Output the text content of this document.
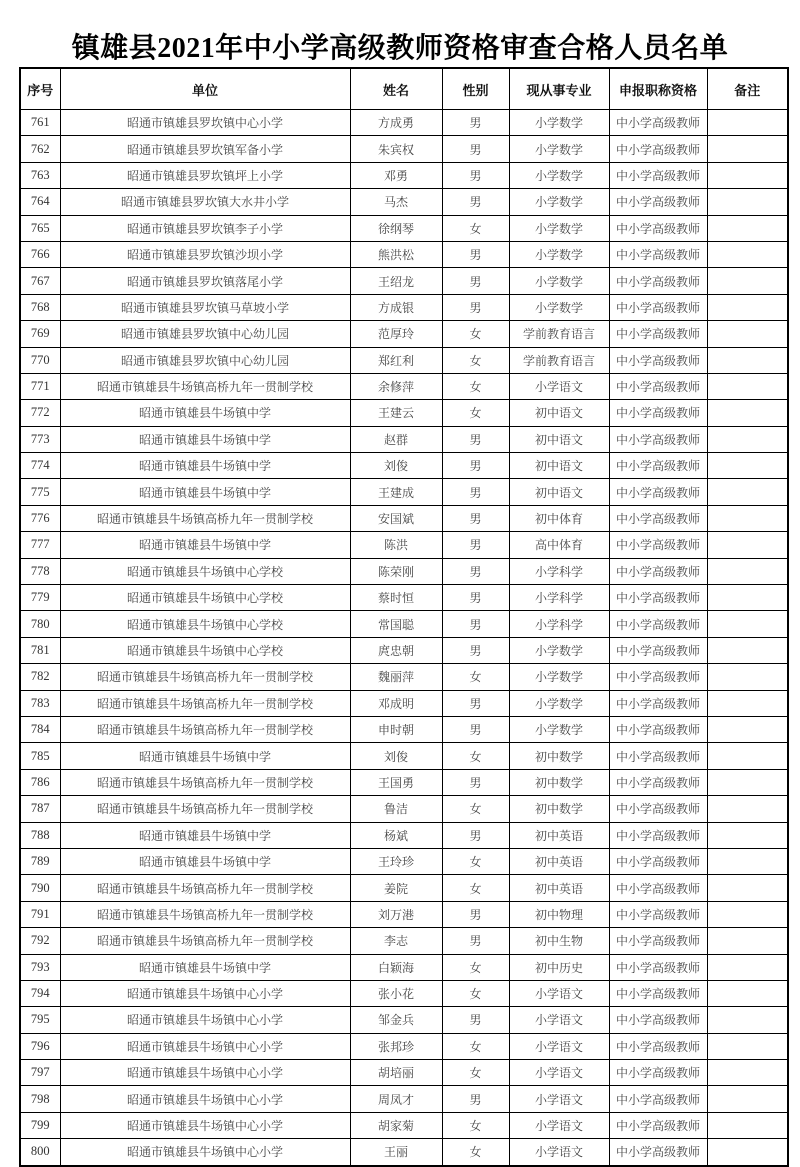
镇雄县2021年中小学高级教师资格审查合格人员名单
序号	单位	姓名	性别	现从事专业	申报职称资格	备注
761	昭通市镇雄县罗坎镇中心小学	方成勇	男	小学数学	中小学高级教师	
762	昭通市镇雄县罗坎镇军备小学	朱宾权	男	小学数学	中小学高级教师	
763	昭通市镇雄县罗坎镇坪上小学	邓勇	男	小学数学	中小学高级教师	
764	昭通市镇雄县罗坎镇大水井小学	马杰	男	小学数学	中小学高级教师	
765	昭通市镇雄县罗坎镇李子小学	徐纲琴	女	小学数学	中小学高级教师	
766	昭通市镇雄县罗坎镇沙坝小学	熊洪松	男	小学数学	中小学高级教师	
767	昭通市镇雄县罗坎镇落尾小学	王绍龙	男	小学数学	中小学高级教师	
768	昭通市镇雄县罗坎镇马草坡小学	方成银	男	小学数学	中小学高级教师	
769	昭通市镇雄县罗坎镇中心幼儿园	范厚玲	女	学前教育语言	中小学高级教师	
770	昭通市镇雄县罗坎镇中心幼儿园	郑红利	女	学前教育语言	中小学高级教师	
771	昭通市镇雄县牛场镇高桥九年一贯制学校	余修萍	女	小学语文	中小学高级教师	
772	昭通市镇雄县牛场镇中学	王建云	女	初中语文	中小学高级教师	
773	昭通市镇雄县牛场镇中学	赵群	男	初中语文	中小学高级教师	
774	昭通市镇雄县牛场镇中学	刘俊	男	初中语文	中小学高级教师	
775	昭通市镇雄县牛场镇中学	王建成	男	初中语文	中小学高级教师	
776	昭通市镇雄县牛场镇高桥九年一贯制学校	安国斌	男	初中体育	中小学高级教师	
777	昭通市镇雄县牛场镇中学	陈洪	男	高中体育	中小学高级教师	
778	昭通市镇雄县牛场镇中心学校	陈荣刚	男	小学科学	中小学高级教师	
779	昭通市镇雄县牛场镇中心学校	蔡时恒	男	小学科学	中小学高级教师	
780	昭通市镇雄县牛场镇中心学校	常国聪	男	小学科学	中小学高级教师	
781	昭通市镇雄县牛场镇中心学校	庹忠朝	男	小学数学	中小学高级教师	
782	昭通市镇雄县牛场镇高桥九年一贯制学校	魏丽萍	女	小学数学	中小学高级教师	
783	昭通市镇雄县牛场镇高桥九年一贯制学校	邓成明	男	小学数学	中小学高级教师	
784	昭通市镇雄县牛场镇高桥九年一贯制学校	申时朝	男	小学数学	中小学高级教师	
785	昭通市镇雄县牛场镇中学	刘俊	女	初中数学	中小学高级教师	
786	昭通市镇雄县牛场镇高桥九年一贯制学校	王国勇	男	初中数学	中小学高级教师	
787	昭通市镇雄县牛场镇高桥九年一贯制学校	鲁洁	女	初中数学	中小学高级教师	
788	昭通市镇雄县牛场镇中学	杨斌	男	初中英语	中小学高级教师	
789	昭通市镇雄县牛场镇中学	王玲珍	女	初中英语	中小学高级教师	
790	昭通市镇雄县牛场镇高桥九年一贯制学校	姜院	女	初中英语	中小学高级教师	
791	昭通市镇雄县牛场镇高桥九年一贯制学校	刘万港	男	初中物理	中小学高级教师	
792	昭通市镇雄县牛场镇高桥九年一贯制学校	李志	男	初中生物	中小学高级教师	
793	昭通市镇雄县牛场镇中学	白颖海	女	初中历史	中小学高级教师	
794	昭通市镇雄县牛场镇中心小学	张小花	女	小学语文	中小学高级教师	
795	昭通市镇雄县牛场镇中心小学	邹金兵	男	小学语文	中小学高级教师	
796	昭通市镇雄县牛场镇中心小学	张邦珍	女	小学语文	中小学高级教师	
797	昭通市镇雄县牛场镇中心小学	胡培丽	女	小学语文	中小学高级教师	
798	昭通市镇雄县牛场镇中心小学	周凤才	男	小学语文	中小学高级教师	
799	昭通市镇雄县牛场镇中心小学	胡家菊	女	小学语文	中小学高级教师	
800	昭通市镇雄县牛场镇中心小学	王丽	女	小学语文	中小学高级教师	
